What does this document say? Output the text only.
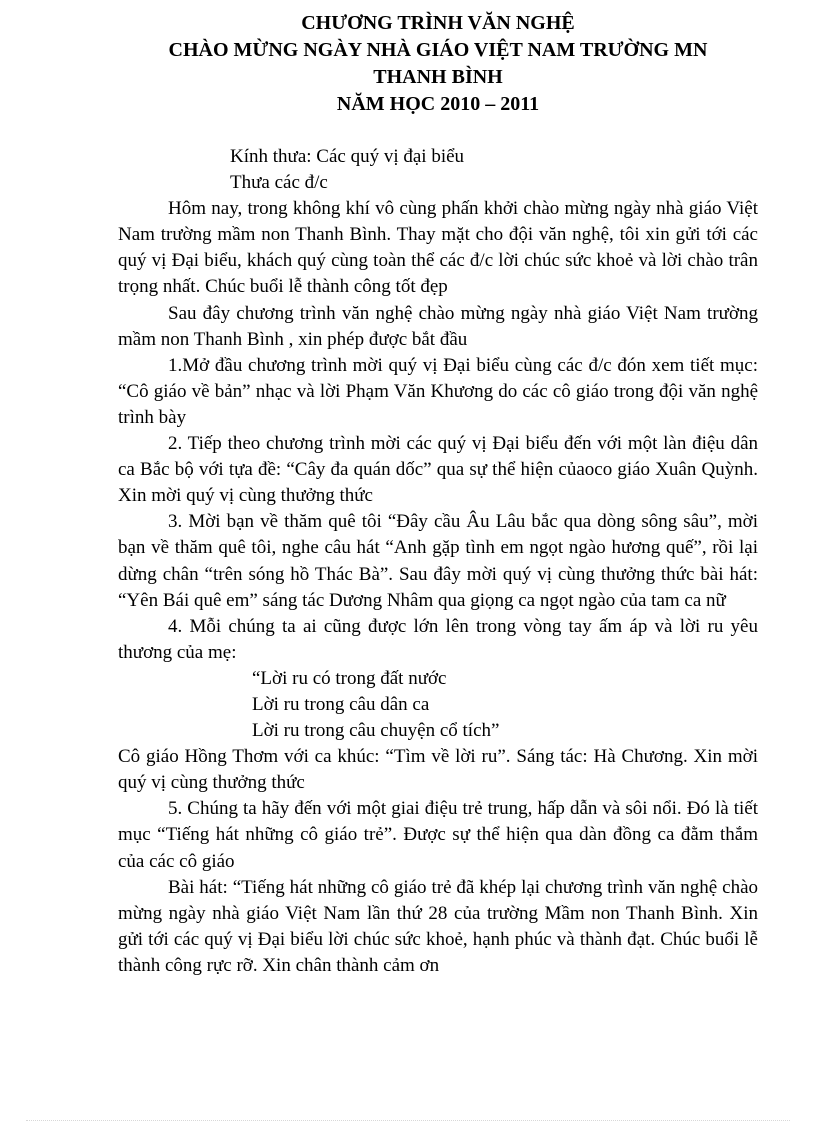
CHƯƠNG TRÌNH VĂN NGHỆ
CHÀO MỪNG NGÀY NHÀ GIÁO VIỆT NAM TRƯỜNG MN
THANH BÌNH
NĂM HỌC 2010 – 2011

Kính thưa: Các quý vị đại biểu

Thưa các đ/c

Hôm nay, trong không khí vô cùng phấn khởi chào mừng ngày nhà giáo Việt Nam trường mầm non Thanh Bình. Thay mặt cho đội văn nghệ, tôi xin gửi tới các quý vị Đại biểu, khách quý cùng toàn thể các đ/c lời chúc sức khoẻ và lời chào trân trọng nhất. Chúc buổi lễ thành công tốt đẹp

Sau đây chương trình văn nghệ chào mừng ngày nhà giáo Việt Nam trường mầm non Thanh Bình , xin phép được bắt đầu

1.Mở đầu chương trình mời quý vị Đại biểu cùng các đ/c đón xem tiết mục: “Cô giáo về bản” nhạc và lời Phạm Văn Khương do các cô giáo trong đội văn nghệ trình bày

2. Tiếp theo chương trình mời các quý vị Đại biểu đến với một làn điệu dân ca Bắc bộ với tựa đề: “Cây đa quán dốc” qua sự thể hiện củaoco giáo Xuân Quỳnh. Xin mời quý vị cùng thưởng thức

3. Mời bạn về thăm quê tôi “Đây cầu Âu Lâu bắc qua dòng sông sâu”, mời bạn về thăm quê tôi, nghe câu hát “Anh gặp tình em ngọt ngào hương quế”, rồi lại dừng chân “trên sóng hồ Thác Bà”. Sau đây mời quý vị cùng thưởng thức bài hát: “Yên Bái quê em” sáng tác Dương Nhâm qua giọng ca ngọt ngào của tam ca nữ

4. Mỗi chúng ta ai cũng được lớn lên trong vòng tay ấm áp và lời ru yêu thương của mẹ:

“Lời ru có trong đất nước

Lời ru trong câu dân ca

Lời ru trong câu chuyện cổ tích”

Cô giáo Hồng Thơm với ca khúc: “Tìm về lời ru”. Sáng tác: Hà Chương. Xin mời quý vị cùng thưởng thức

5. Chúng ta hãy đến với một giai điệu trẻ trung, hấp dẫn và sôi nổi. Đó là tiết mục “Tiếng hát những cô giáo trẻ”. Được sự thể hiện qua dàn đồng ca đằm thắm của các cô giáo

Bài hát: “Tiếng hát những cô giáo trẻ đã khép lại chương trình văn nghệ chào mừng ngày nhà giáo Việt Nam lần thứ 28 của trường Mầm non Thanh Bình. Xin gửi tới các quý vị Đại biểu lời chúc sức khoẻ, hạnh phúc và thành đạt. Chúc buổi lễ thành công rực rỡ. Xin chân thành cảm ơn
